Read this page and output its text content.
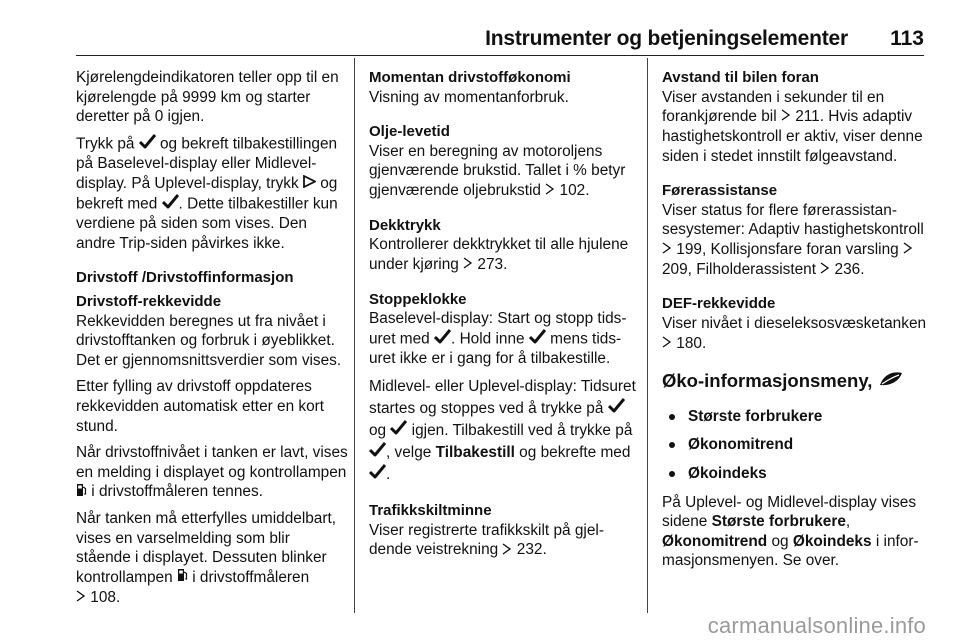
Instrumenter og betjeningselementer 113

Kjørelengdeindikatoren teller opp til en kjørelengde på 9999 km og starter deretter på 0 igjen.

Trykk på  og bekreft tilbakestillingen på Baselevel-display eller Midlevel-display. På Uplevel-display, trykk  og bekreft med . Dette tilbakestiller kun verdiene på siden som vises. Den andre Trip-siden påvirkes ikke.

Drivstoff /Drivstoffinformasjon

Drivstoff-rekkevidde

Rekkevidden beregnes ut fra nivået i drivstofftanken og forbruk i øyeblikket. Det er gjennomsnittsverdier som vises.

Etter fylling av drivstoff oppdateres rekkevidden automatisk etter en kort stund.

Når drivstoffnivået i tanken er lavt, vises en melding i displayet og kontrollampen  i drivstoffmåleren tennes.

Når tanken må etterfylles umiddelbart, vises en varselmelding som blir stående i displayet. Dessuten blinker kontrollampen  i drivstoffmåleren
108.

Momentan drivstofføkonomi

Visning av momentanforbruk.

Olje-levetid

Viser en beregning av motoroljens gjenværende brukstid. Tallet i % betyr gjenværende oljebrukstid  102.

Dekktrykk

Kontrollerer dekktrykket til alle hjulene under kjøring  273.

Stoppeklokke

Baselevel-display: Start og stopp tidsuret med . Hold inne  mens tidsuret ikke er i gang for å tilbakestille.

Midlevel- eller Uplevel-display: Tidsuret startes og stoppes ved å trykke på  og  igjen. Tilbakestill ved å trykke på , velge Tilbakestill og bekrefte med .

Trafikkskiltminne

Viser registrerte trafikkskilt på gjeldende veistrekning  232.

Avstand til bilen foran

Viser avstanden i sekunder til en forankjørende bil  211. Hvis adaptiv hastighetskontroll er aktiv, viser denne siden i stedet innstilt følgeavstand.

Førerassistanse

Viser status for flere førerassistansesystemer: Adaptiv hastighetskontroll  199, Kollisjonsfare foran varsling  209, Filholderassistent  236.

DEF-rekkevidde

Viser nivået i dieseleksosvæsketanken  180.

Øko-informasjonsmeny,
Største forbrukere
Økonomitrend
Økoindeks

På Uplevel- og Midlevel-display vises sidene Største forbrukere, Økonomitrend og Økoindeks i informasjonsmenyen. Se over.

carmanualsonline.info
